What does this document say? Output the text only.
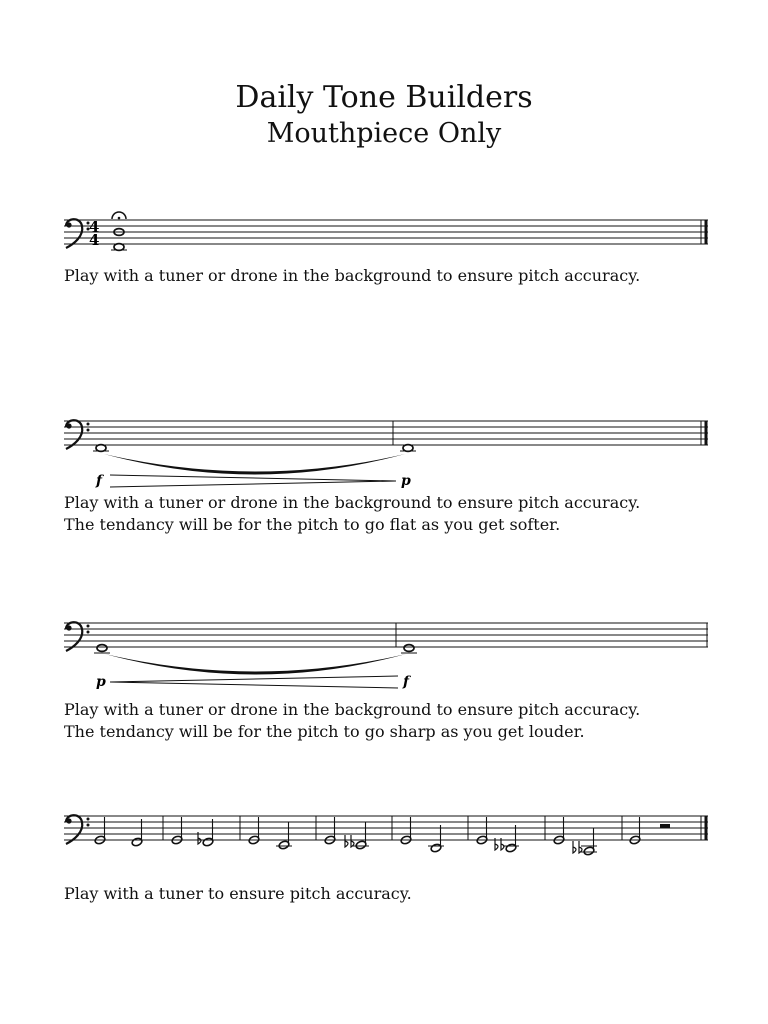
Daily Tone Builders
Mouthpiece Only
4
4
Play with a tuner or drone in the background to ensure pitch accuracy.
f	p
Play with a tuner or drone in the background to ensure pitch accuracy.
The tendancy will be for the pitch to go flat as you get softer.
p	f
Play with a tuner or drone in the background to ensure pitch accuracy.
The tendancy will be for the pitch to go sharp as you get louder.
Play with a tuner to ensure pitch accuracy.
